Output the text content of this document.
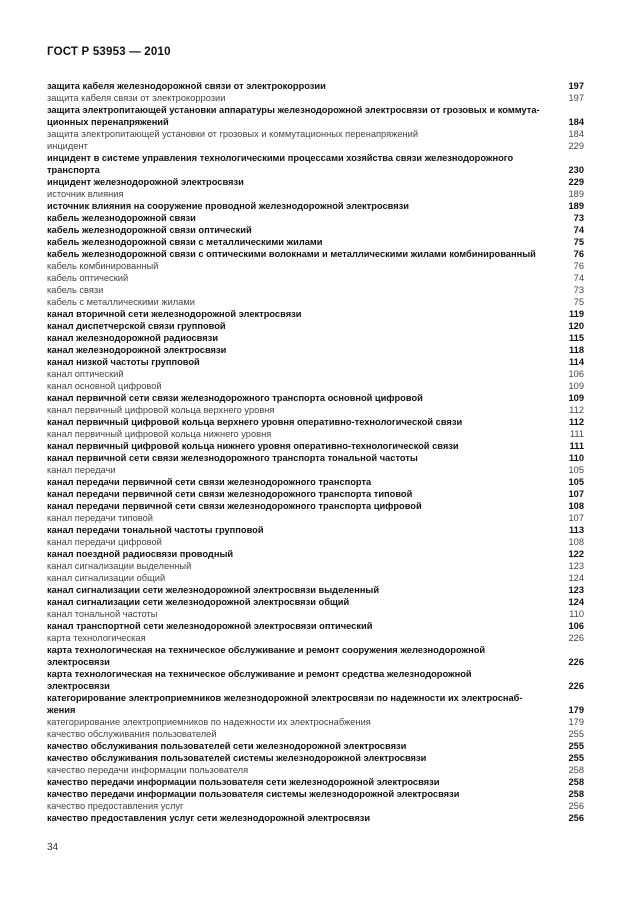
ГОСТ Р 53953 — 2010
защита кабеля железнодорожной связи от электрокоррозии	197
защита кабеля связи от электрокоррозии	197
защита электропитающей установки аппаратуры железнодорожной электросвязи от грозовых и коммута-
ционных перенапряжений	184
защита электропитающей установки от грозовых и коммутационных перенапряжений	184
инцидент	229
инцидент в системе управления технологическими процессами хозяйства связи железнодорожного
транспорта	230
инцидент железнодорожной электросвязи	229
источник влияния	189
источник влияния на сооружение проводной железнодорожной электросвязи	189
кабель железнодорожной связи	73
кабель железнодорожной связи оптический	74
кабель железнодорожной связи с металлическими жилами	75
кабель железнодорожной связи с оптическими волокнами и металлическими жилами комбинированный	76
кабель комбинированный	76
кабель оптический	74
кабель связи	73
кабель с металлическими жилами	75
канал вторичной сети железнодорожной электросвязи	119
канал диспетчерской связи групповой	120
канал железнодорожной радиосвязи	115
канал железнодорожной электросвязи	118
канал низкой частоты групповой	114
канал оптический	106
канал основной цифровой	109
канал первичной сети связи железнодорожного транспорта основной цифровой	109
канал первичный цифровой кольца верхнего уровня	112
канал первичный цифровой кольца верхнего уровня оперативно-технологической связи	112
канал первичный цифровой кольца нижнего уровня	111
канал первичный цифровой кольца нижнего уровня оперативно-технологической связи	111
канал первичной сети связи железнодорожного транспорта тональной частоты	110
канал передачи	105
канал передачи первичной сети связи железнодорожного транспорта	105
канал передачи первичной сети связи железнодорожного транспорта типовой	107
канал передачи первичной сети связи железнодорожного транспорта цифровой	108
канал передачи типовой	107
канал передачи тональной частоты групповой	113
канал передачи цифровой	108
канал поездной радиосвязи проводный	122
канал сигнализации выделенный	123
канал сигнализации общий	124
канал сигнализации сети железнодорожной электросвязи выделенный	123
канал сигнализации сети железнодорожной электросвязи общий	124
канал тональной частоты	110
канал транспортной сети железнодорожной электросвязи оптический	106
карта технологическая	226
карта технологическая на техническое обслуживание и ремонт сооружения железнодорожной
электросвязи	226
карта технологическая на техническое обслуживание и ремонт средства железнодорожной
электросвязи	226
категорирование электроприемников железнодорожной электросвязи по надежности их электроснаб-
жения	179
категорирование электроприемников по надежности их электроснабжения	179
качество обслуживания пользователей	255
качество обслуживания пользователей сети железнодорожной электросвязи	255
качество обслуживания пользователей системы железнодорожной электросвязи	255
качество передачи информации пользователя	258
качество передачи информации пользователя сети железнодорожной электросвязи	258
качество передачи информации пользователя системы железнодорожной электросвязи	258
качество предоставления услуг	256
качество предоставления услуг сети железнодорожной электросвязи	256
34
